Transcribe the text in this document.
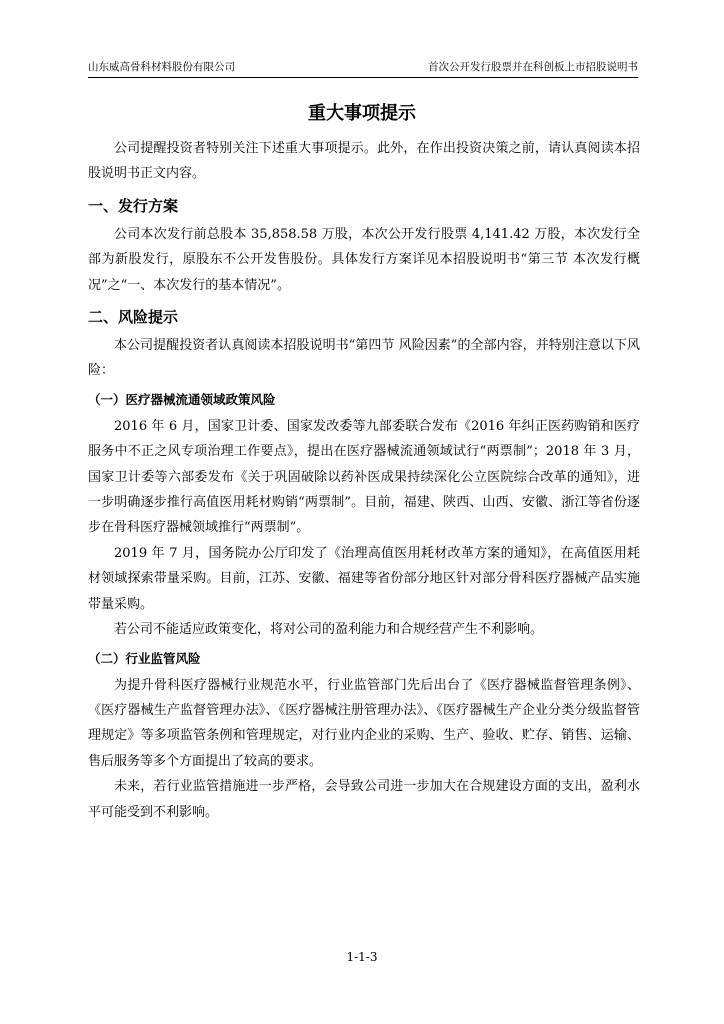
山东威高骨科材料股份有限公司	首次公开发行股票并在科创板上市招股说明书
重大事项提示

公司提醒投资者特别关注下述重大事项提示。此外，在作出投资决策之前，请认真阅读本招股说明书正文内容。

一、发行方案

公司本次发行前总股本 35,858.58 万股，本次公开发行股票 4,141.42 万股，本次发行全部为新股发行，原股东不公开发售股份。具体发行方案详见本招股说明书“第三节 本次发行概况”之“一、本次发行的基本情况”。

二、风险提示

本公司提醒投资者认真阅读本招股说明书“第四节 风险因素”的全部内容，并特别注意以下风险：

（一）医疗器械流通领域政策风险

2016 年 6 月，国家卫计委、国家发改委等九部委联合发布《2016 年纠正医药购销和医疗服务中不正之风专项治理工作要点》，提出在医疗器械流通领域试行“两票制”；2018 年 3 月，国家卫计委等六部委发布《关于巩固破除以药补医成果持续深化公立医院综合改革的通知》，进一步明确逐步推行高值医用耗材购销“两票制”。目前，福建、陕西、山西、安徽、浙江等省份逐步在骨科医疗器械领域推行“两票制”。

2019 年 7 月，国务院办公厅印发了《治理高值医用耗材改革方案的通知》，在高值医用耗材领域探索带量采购。目前，江苏、安徽、福建等省份部分地区针对部分骨科医疗器械产品实施带量采购。

若公司不能适应政策变化，将对公司的盈利能力和合规经营产生不利影响。

（二）行业监管风险

为提升骨科医疗器械行业规范水平，行业监管部门先后出台了《医疗器械监督管理条例》、《医疗器械生产监督管理办法》、《医疗器械注册管理办法》、《医疗器械生产企业分类分级监督管理规定》等多项监管条例和管理规定，对行业内企业的采购、生产、验收、贮存、销售、运输、售后服务等多个方面提出了较高的要求。

未来，若行业监管措施进一步严格，会导致公司进一步加大在合规建设方面的支出，盈利水平可能受到不利影响。

1-1-3
